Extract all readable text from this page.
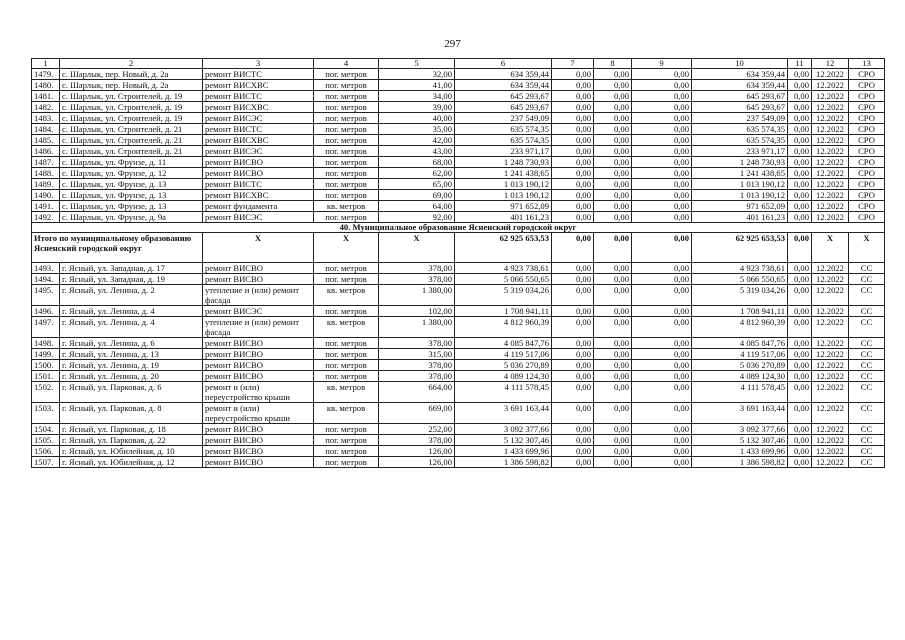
297
1	2	3	4	5	6	7	8	9	10	11	12	13
1479.	с. Шарлык, пер. Новый, д. 2а	ремонт ВИСТС	пог. метров	32,00	634 359,44	0,00	0,00	0,00	634 359,44	0,00	12.2022	СРО
1480.	с. Шарлык, пер. Новый, д. 2а	ремонт ВИСХВС	пог. метров	41,00	634 359,44	0,00	0,00	0,00	634 359,44	0,00	12.2022	СРО
1481.	с. Шарлык, ул. Строителей, д. 19	ремонт ВИСТС	пог. метров	34,00	645 293,67	0,00	0,00	0,00	645 293,67	0,00	12.2022	СРО
1482.	с. Шарлык, ул. Строителей, д. 19	ремонт ВИСХВС	пог. метров	39,00	645 293,67	0,00	0,00	0,00	645 293,67	0,00	12.2022	СРО
1483.	с. Шарлык, ул. Строителей, д. 19	ремонт ВИСЭС	пог. метров	40,00	237 549,09	0,00	0,00	0,00	237 549,09	0,00	12.2022	СРО
1484.	с. Шарлык, ул. Строителей, д. 21	ремонт ВИСТС	пог. метров	35,00	635 574,35	0,00	0,00	0,00	635 574,35	0,00	12.2022	СРО
1485.	с. Шарлык, ул. Строителей, д. 21	ремонт ВИСХВС	пог. метров	42,00	635 574,35	0,00	0,00	0,00	635 574,35	0,00	12.2022	СРО
1486.	с. Шарлык, ул. Строителей, д. 21	ремонт ВИСЭС	пог. метров	43,00	233 971,17	0,00	0,00	0,00	233 971,17	0,00	12.2022	СРО
1487.	с. Шарлык, ул. Фрунзе, д. 11	ремонт ВИСВО	пог. метров	68,00	1 248 730,93	0,00	0,00	0,00	1 248 730,93	0,00	12.2022	СРО
1488.	с. Шарлык, ул. Фрунзе, д. 12	ремонт ВИСВО	пог. метров	62,00	1 241 438,65	0,00	0,00	0,00	1 241 438,65	0,00	12.2022	СРО
1489.	с. Шарлык, ул. Фрунзе, д. 13	ремонт ВИСТС	пог. метров	65,00	1 013 190,12	0,00	0,00	0,00	1 013 190,12	0,00	12.2022	СРО
1490.	с. Шарлык, ул. Фрунзе, д. 13	ремонт ВИСХВС	пог. метров	69,00	1 013 190,12	0,00	0,00	0,00	1 013 190,12	0,00	12.2022	СРО
1491.	с. Шарлык, ул. Фрунзе, д. 13	ремонт фундамента	кв. метров	64,00	971 652,09	0,00	0,00	0,00	971 652,09	0,00	12.2022	СРО
1492.	с. Шарлык, ул. Фрунзе, д. 9а	ремонт ВИСЭС	пог. метров	92,00	401 161,23	0,00	0,00	0,00	401 161,23	0,00	12.2022	СРО
40. Муниципальное образование Ясненский городской округ												
Итого по муниципальному образованию Ясненский городской округ		X	X	X	62 925 653,53	0,00	0,00	0,00	62 925 653,53	0,00	X	X
1493.	г. Ясный, ул. Западная, д. 17	ремонт ВИСВО	пог. метров	378,00	4 923 738,61	0,00	0,00	0,00	4 923 738,61	0,00	12.2022	СС
1494.	г. Ясный, ул. Западная, д. 19	ремонт ВИСВО	пог. метров	378,00	5 066 550,65	0,00	0,00	0,00	5 066 550,65	0,00	12.2022	СС
1495.	г. Ясный, ул. Ленина, д. 2	утепление и (или) ремонт фасада	кв. метров	1 380,00	5 319 034,26	0,00	0,00	0,00	5 319 034,26	0,00	12.2022	СС
1496.	г. Ясный, ул. Ленина, д. 4	ремонт ВИСЭС	пог. метров	102,00	1 708 941,11	0,00	0,00	0,00	1 708 941,11	0,00	12.2022	СС
1497.	г. Ясный, ул. Ленина, д. 4	утепление и (или) ремонт фасада	кв. метров	1 380,00	4 812 960,39	0,00	0,00	0,00	4 812 960,39	0,00	12.2022	СС
1498.	г. Ясный, ул. Ленина, д. 6	ремонт ВИСВО	пог. метров	378,00	4 085 847,76	0,00	0,00	0,00	4 085 847,76	0,00	12.2022	СС
1499.	г. Ясный, ул. Ленина, д. 13	ремонт ВИСВО	пог. метров	315,00	4 119 517,06	0,00	0,00	0,00	4 119 517,06	0,00	12.2022	СС
1500.	г. Ясный, ул. Ленина, д. 19	ремонт ВИСВО	пог. метров	378,00	5 036 270,89	0,00	0,00	0,00	5 036 270,89	0,00	12.2022	СС
1501.	г. Ясный, ул. Ленина, д. 20	ремонт ВИСВО	пог. метров	378,00	4 089 124,30	0,00	0,00	0,00	4 089 124,30	0,00	12.2022	СС
1502.	г. Ясный, ул. Парковая, д. 6	ремонт и (или) переустройство крыши	кв. метров	664,00	4 111 578,45	0,00	0,00	0,00	4 111 578,45	0,00	12.2022	СС
1503.	г. Ясный, ул. Парковая, д. 8	ремонт и (или) переустройство крыши	кв. метров	669,00	3 691 163,44	0,00	0,00	0,00	3 691 163,44	0,00	12.2022	СС
1504.	г. Ясный, ул. Парковая, д. 18	ремонт ВИСВО	пог. метров	252,00	3 092 377,66	0,00	0,00	0,00	3 092 377,66	0,00	12.2022	СС
1505.	г. Ясный, ул. Парковая, д. 22	ремонт ВИСВО	пог. метров	378,00	5 132 307,46	0,00	0,00	0,00	5 132 307,46	0,00	12.2022	СС
1506.	г. Ясный, ул. Юбилейная, д. 10	ремонт ВИСВО	пог. метров	126,00	1 433 699,96	0,00	0,00	0,00	1 433 699,96	0,00	12.2022	СС
1507.	г. Ясный, ул. Юбилейная, д. 12	ремонт ВИСВО	пог. метров	126,00	1 386 598,82	0,00	0,00	0,00	1 386 598,82	0,00	12.2022	СС
